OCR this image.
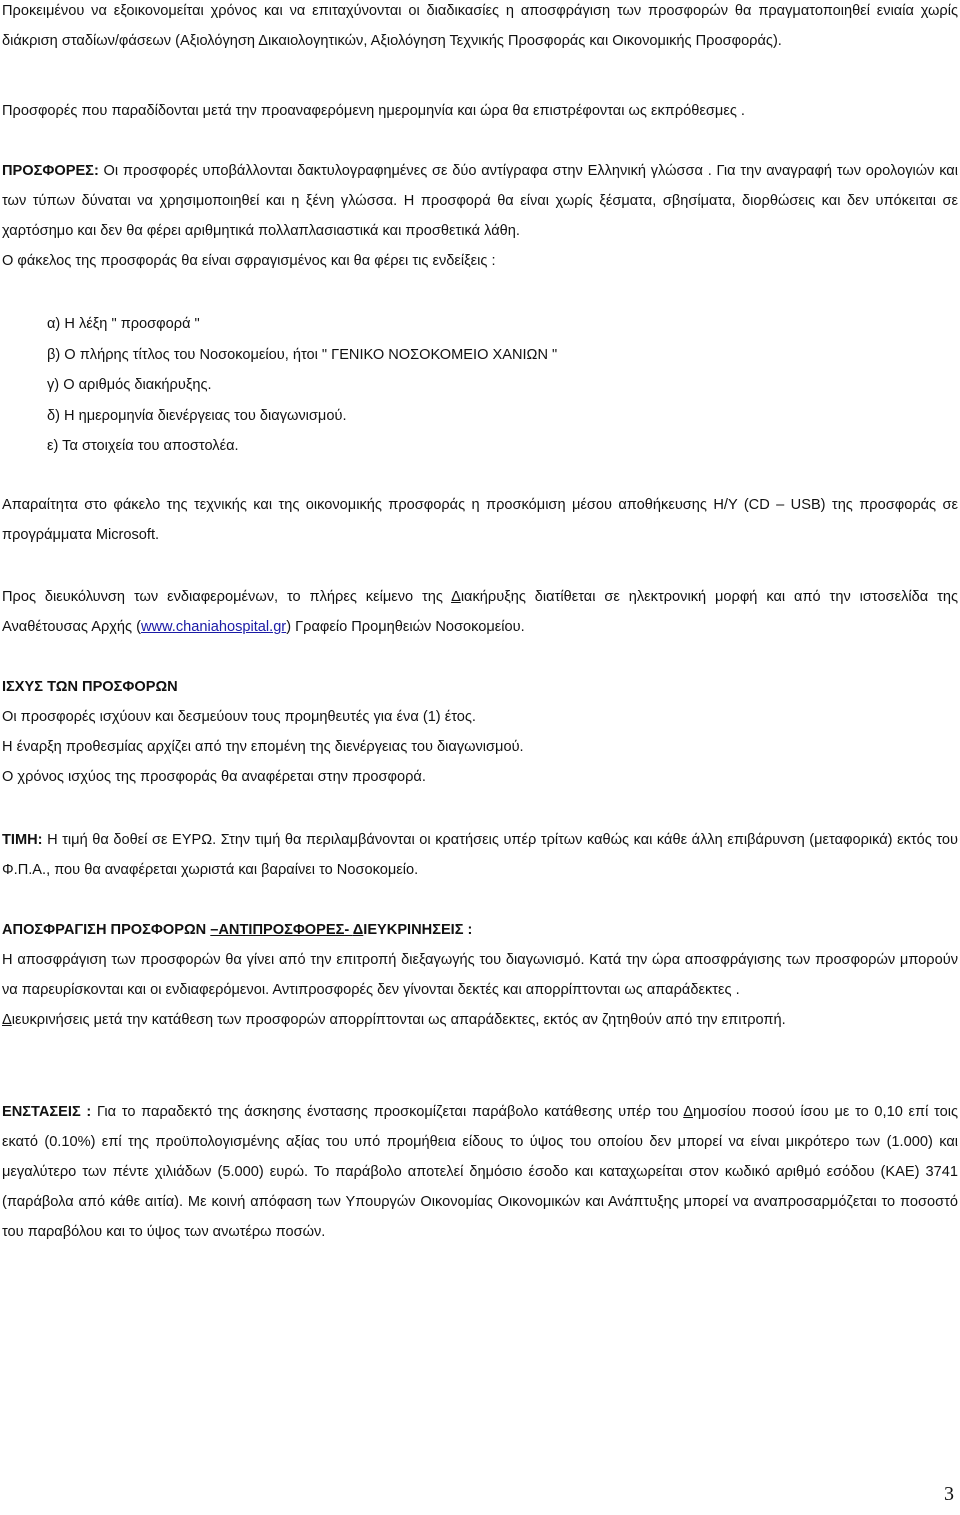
Προκειμένου να εξοικονομείται χρόνος και να επιταχύνονται οι διαδικασίες η αποσφράγιση των προσφορών θα πραγματοποιηθεί ενιαία χωρίς διάκριση σταδίων/φάσεων (Αξιολόγηση Δικαιολογητικών, Αξιολόγηση Τεχνικής Προσφοράς και Οικονομικής Προσφοράς).

Προσφορές που παραδίδονται μετά την προαναφερόμενη ημερομηνία και ώρα θα επιστρέφονται ως εκπρόθεσμες .

ΠΡΟΣΦΟΡΕΣ: Οι προσφορές υποβάλλονται δακτυλογραφημένες σε δύο αντίγραφα στην Ελληνική γλώσσα . Για την αναγραφή των ορολογιών και των τύπων δύναται να χρησιμοποιηθεί και η ξένη γλώσσα. Η προσφορά θα είναι χωρίς ξέσματα, σβησίματα, διορθώσεις και δεν υπόκειται σε χαρτόσημο και δεν θα φέρει αριθμητικά πολλαπλασιαστικά και προσθετικά λάθη.

Ο φάκελος της προσφοράς θα είναι σφραγισμένος και θα φέρει τις ενδείξεις :

α) Η λέξη " προσφορά "

β) Ο πλήρης τίτλος του Νοσοκομείου, ήτοι " ΓΕΝΙΚΟ ΝΟΣΟΚΟΜΕΙΟ ΧΑΝΙΩΝ "

γ) Ο αριθμός διακήρυξης.

δ) Η ημερομηνία διενέργειας του διαγωνισμού.

ε) Τα στοιχεία του αποστολέα.

Απαραίτητα στο φάκελο της τεχνικής και της οικονομικής προσφοράς η προσκόμιση μέσου αποθήκευσης Η/Υ (CD – USB) της προσφοράς σε προγράμματα Microsoft.

Προς διευκόλυνση των ενδιαφερομένων, το πλήρες κείμενο της Διακήρυξης διατίθεται σε ηλεκτρονική μορφή και από την ιστοσελίδα της Αναθέτουσας Αρχής (www.chaniahospital.gr) Γραφείο Προμηθειών Νοσοκομείου.

ΙΣΧΥΣ ΤΩΝ ΠΡΟΣΦΟΡΩΝ

Οι προσφορές ισχύουν και δεσμεύουν τους προμηθευτές για ένα (1) έτος.

Η έναρξη προθεσμίας αρχίζει από την επομένη της διενέργειας του διαγωνισμού.

Ο χρόνος ισχύος της προσφοράς θα αναφέρεται στην προσφορά.

ΤΙΜΗ: Η τιμή θα δοθεί σε ΕΥΡΩ. Στην τιμή θα περιλαμβάνονται οι κρατήσεις υπέρ τρίτων καθώς και κάθε άλλη επιβάρυνση (μεταφορικά) εκτός του Φ.Π.Α., που θα αναφέρεται χωριστά και βαραίνει το Νοσοκομείο.

ΑΠΟΣΦΡΑΓΙΣΗ ΠΡΟΣΦΟΡΩΝ –ΑΝΤΙΠΡΟΣΦΟΡΕΣ- ΔΙΕΥΚΡΙΝΗΣΕΙΣ :

Η αποσφράγιση των προσφορών θα γίνει από την επιτροπή διεξαγωγής του διαγωνισμό. Κατά την ώρα αποσφράγισης των προσφορών μπορούν να παρευρίσκονται και οι ενδιαφερόμενοι. Αντιπροσφορές δεν γίνονται δεκτές και απορρίπτονται ως απαράδεκτες .

Διευκρινήσεις μετά την κατάθεση των προσφορών απορρίπτονται ως απαράδεκτες, εκτός αν ζητηθούν από την επιτροπή.

ΕΝΣΤΑΣΕΙΣ : Για το παραδεκτό της άσκησης ένστασης προσκομίζεται παράβολο κατάθεσης υπέρ του Δημοσίου ποσού ίσου με το 0,10 επί τοις εκατό (0.10%) επί της προϋπολογισμένης αξίας του υπό προμήθεια είδους το ύψος του οποίου δεν μπορεί να είναι μικρότερο των (1.000) και μεγαλύτερο των πέντε χιλιάδων (5.000) ευρώ. Το παράβολο αποτελεί δημόσιο έσοδο και καταχωρείται στον κωδικό αριθμό εσόδου (ΚΑΕ) 3741 (παράβολα από κάθε αιτία). Με κοινή απόφαση των Υπουργών Οικονομίας Οικονομικών και Ανάπτυξης μπορεί να αναπροσαρμόζεται το ποσοστό του παραβόλου και το ύψος των ανωτέρω ποσών.

3
